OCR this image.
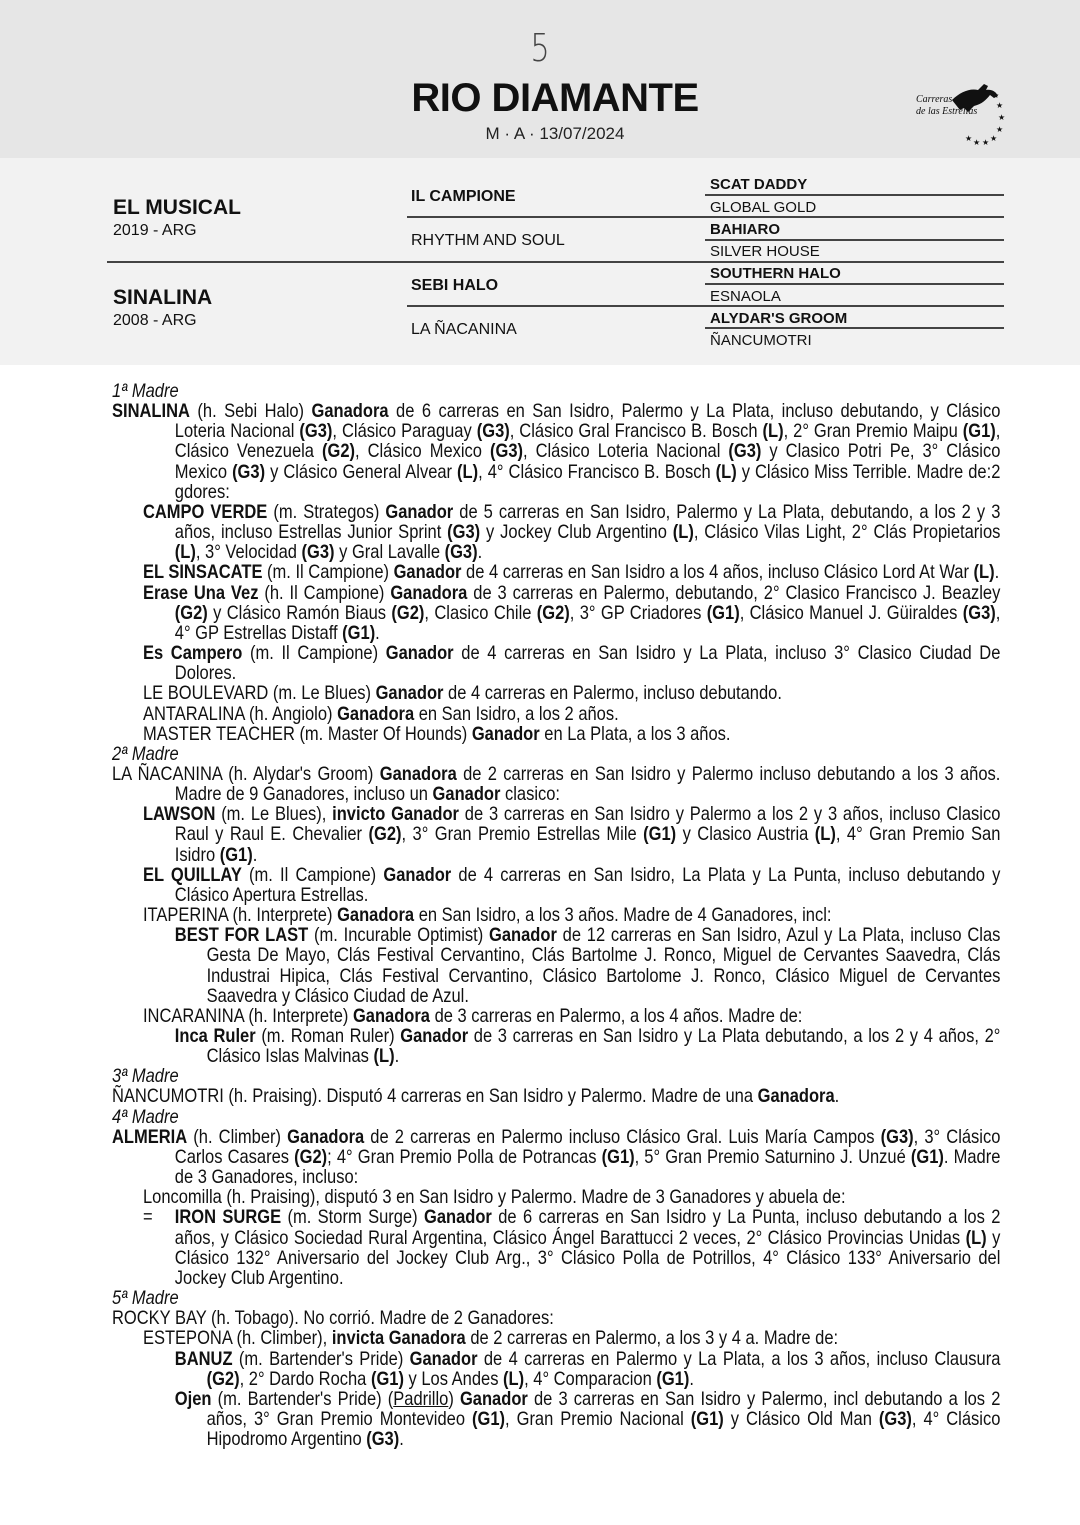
5
RIO DIAMANTE
M · A · 13/07/2024
Carreras
de las Estrellas
★
★
★
★
★
★
★
★
EL MUSICAL
2019 - ARG
SINALINA
2008 - ARG
IL CAMPIONE
RHYTHM AND SOUL
SEBI HALO
LA ÑACANINA
SCAT DADDY
GLOBAL GOLD
BAHIARO
SILVER HOUSE
SOUTHERN HALO
ESNAOLA
ALYDAR'S GROOM
ÑANCUMOTRI

1ª Madre

SINALINA (h. Sebi Halo) Ganadora de 6 carreras en San Isidro, Palermo y La Plata, incluso debutando, y Clásico Loteria Nacional (G3), Clásico Paraguay (G3), Clásico Gral Francisco B. Bosch (L), 2° Gran Premio Maipu (G1), Clásico Venezuela (G2), Clásico Mexico (G3), Clásico Loteria Nacional (G3) y Clasico Potri Pe, 3° Clásico Mexico (G3) y Clásico General Alvear (L), 4° Clásico Francisco B. Bosch (L) y Clásico Miss Terrible. Madre de:2 gdores:

CAMPO VERDE (m. Strategos) Ganador de 5 carreras en San Isidro, Palermo y La Plata, debutando, a los 2 y 3 años, incluso Estrellas Junior Sprint (G3) y Jockey Club Argentino (L), Clásico Vilas Light, 2° Clás Propietarios (L), 3° Velocidad (G3) y Gral Lavalle (G3).

EL SINSACATE (m. Il Campione) Ganador de 4 carreras en San Isidro a los 4 años, incluso Clásico Lord At War (L).

Erase Una Vez (h. Il Campione) Ganadora de 3 carreras en Palermo, debutando, 2° Clasico Francisco J. Beazley (G2) y Clásico Ramón Biaus (G2), Clasico Chile (G2), 3° GP Criadores (G1), Clásico Manuel J. Güiraldes (G3), 4° GP Estrellas Distaff (G1).

Es Campero (m. Il Campione) Ganador de 4 carreras en San Isidro y La Plata, incluso 3° Clasico Ciudad De Dolores.

LE BOULEVARD (m. Le Blues) Ganador de 4 carreras en Palermo, incluso debutando.

ANTARALINA (h. Angiolo) Ganadora en San Isidro, a los 2 años.

MASTER TEACHER (m. Master Of Hounds) Ganador en La Plata, a los 3 años.

2ª Madre

LA ÑACANINA (h. Alydar's Groom) Ganadora de 2 carreras en San Isidro y Palermo incluso debutando a los 3 años. Madre de 9 Ganadores, incluso un Ganador clasico:

LAWSON (m. Le Blues), invicto Ganador de 3 carreras en San Isidro y Palermo a los 2 y 3 años, incluso Clasico Raul y Raul E. Chevalier (G2), 3° Gran Premio Estrellas Mile (G1) y Clasico Austria (L), 4° Gran Premio San Isidro (G1).

EL QUILLAY (m. Il Campione) Ganador de 4 carreras en San Isidro, La Plata y La Punta, incluso debutando y Clásico Apertura Estrellas.

ITAPERINA (h. Interprete) Ganadora en San Isidro, a los 3 años. Madre de 4 Ganadores, incl:

BEST FOR LAST (m. Incurable Optimist) Ganador de 12 carreras en San Isidro, Azul y La Plata, incluso Clas Gesta De Mayo, Clás Festival Cervantino, Clás Bartolme J. Ronco, Miguel de Cervantes Saavedra, Clás Industrai Hipica, Clás Festival Cervantino, Clásico Bartolome J. Ronco, Clásico Miguel de Cervantes Saavedra y Clásico Ciudad de Azul.

INCARANINA (h. Interprete) Ganadora de 3 carreras en Palermo, a los 4 años. Madre de:

Inca Ruler (m. Roman Ruler) Ganador de 3 carreras en San Isidro y La Plata debutando, a los 2 y 4 años, 2° Clásico Islas Malvinas (L).

3ª Madre

ÑANCUMOTRI (h. Praising). Disputó 4 carreras en San Isidro y Palermo. Madre de una Ganadora.

4ª Madre

ALMERIA (h. Climber) Ganadora de 2 carreras en Palermo incluso Clásico Gral. Luis María Campos (G3), 3° Clásico Carlos Casares (G2); 4° Gran Premio Polla de Potrancas (G1), 5° Gran Premio Saturnino J. Unzué (G1). Madre de 3 Ganadores, incluso:

Loncomilla (h. Praising), disputó 3 en San Isidro y Palermo. Madre de 3 Ganadores y abuela de:

= IRON SURGE (m. Storm Surge) Ganador de 6 carreras en San Isidro y La Punta, incluso debutando a los 2 años, y Clásico Sociedad Rural Argentina, Clásico Ángel Barattucci 2 veces, 2° Clásico Provincias Unidas (L) y Clásico 132° Aniversario del Jockey Club Arg., 3° Clásico Polla de Potrillos, 4° Clásico 133° Aniversario del Jockey Club Argentino.

5ª Madre

ROCKY BAY (h. Tobago). No corrió. Madre de 2 Ganadores:

ESTEPONA (h. Climber), invicta Ganadora de 2 carreras en Palermo, a los 3 y 4 a. Madre de:

BANUZ (m. Bartender's Pride) Ganador de 4 carreras en Palermo y La Plata, a los 3 años, incluso Clausura (G2), 2° Dardo Rocha (G1) y Los Andes (L), 4° Comparacion (G1).

Ojen (m. Bartender's Pride) (Padrillo) Ganador de 3 carreras en San Isidro y Palermo, incl debutando a los 2 años, 3° Gran Premio Montevideo (G1), Gran Premio Nacional (G1) y Clásico Old Man (G3), 4° Clásico Hipodromo Argentino (G3).
